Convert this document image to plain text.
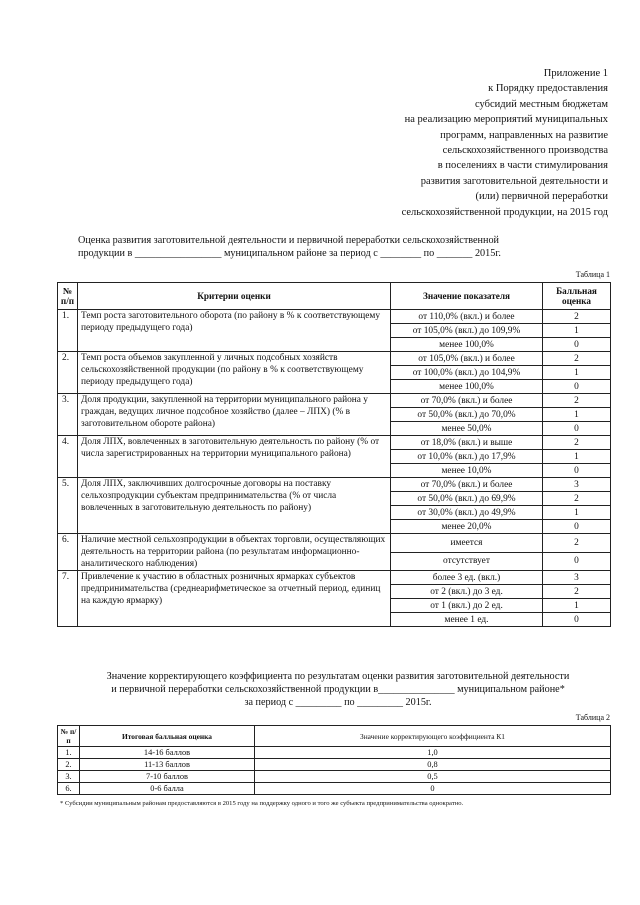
Приложение 1
к Порядку предоставления
субсидий местным бюджетам
на реализацию мероприятий муниципальных
программ, направленных на развитие
сельскохозяйственного производства
в поселениях в части стимулирования
развития заготовительной деятельности и
(или) первичной переработки
сельскохозяйственной продукции, на 2015 год
Оценка развития заготовительной деятельности и первичной переработки сельскохозяйственной
продукции в _________________ муниципальном районе за период с ________ по _______ 2015г.
Таблица 1
№ п/п	Критерии оценки	Значение показателя	Балльная оценка
1.	Темп роста заготовительного оборота (по району в % к соответствующему периоду предыдущего года)	от 110,0% (вкл.) и более	2
		от 105,0% (вкл.) до 109,9%	1
		менее 100,0%	0
2.	Темп роста объемов закупленной у личных подсобных хозяйств сельскохозяйственной продукции (по району в % к соответствующему периоду предыдущего года)	от 105,0% (вкл.) и более	2
		от 100,0% (вкл.) до 104,9%	1
		менее 100,0%	0
3.	Доля продукции, закупленной на территории муниципального района у граждан, ведущих личное подсобное хозяйство (далее – ЛПХ) (% в заготовительном обороте района)	от 70,0% (вкл.) и более	2
		от 50,0% (вкл.) до 70,0%	1
		менее 50,0%	0
4.	Доля ЛПХ, вовлеченных в заготовительную деятельность по району (% от числа зарегистрированных на территории муниципального района)	от 18,0% (вкл.) и выше	2
		от 10,0% (вкл.) до 17,9%	1
		менее 10,0%	0
5.	Доля ЛПХ, заключивших долгосрочные договоры на поставку сельхозпродукции субъектам предпринимательства (% от числа вовлеченных в заготовительную деятельность по району)	от 70,0% (вкл.) и более	3
		от 50,0% (вкл.) до 69,9%	2
		от 30,0% (вкл.) до 49,9%	1
		менее 20,0%	0
6.	Наличие местной сельхозпродукции в объектах торговли, осуществляющих деятельность на территории района (по результатам информационно-аналитического наблюдения)	имеется	2
		отсутствует	0
7.	Привлечение к участию в областных розничных ярмарках субъектов предпринимательства (среднеарифметическое за отчетный период, единиц на каждую ярмарку)	более 3 ед. (вкл.)	3
		от 2 (вкл.) до 3 ед.	2
		от 1 (вкл.) до 2 ед.	1
		менее 1 ед.	0
Значение корректирующего коэффициента по результатам оценки развития заготовительной деятельности
и первичной переработки сельскохозяйственной продукции в_______________ муниципальном районе*
за период с _________ по _________ 2015г.
Таблица 2
№ п/п	Итоговая балльная оценка	Значение корректирующего коэффициента К1
1.	14-16 баллов	1,0
2.	11-13 баллов	0,8
3.	7-10 баллов	0,5
6.	0-6 балла	0
* Субсидии муниципальным районам предоставляются в 2015 году на поддержку одного и того же субъекта предпринимательства однократно.
